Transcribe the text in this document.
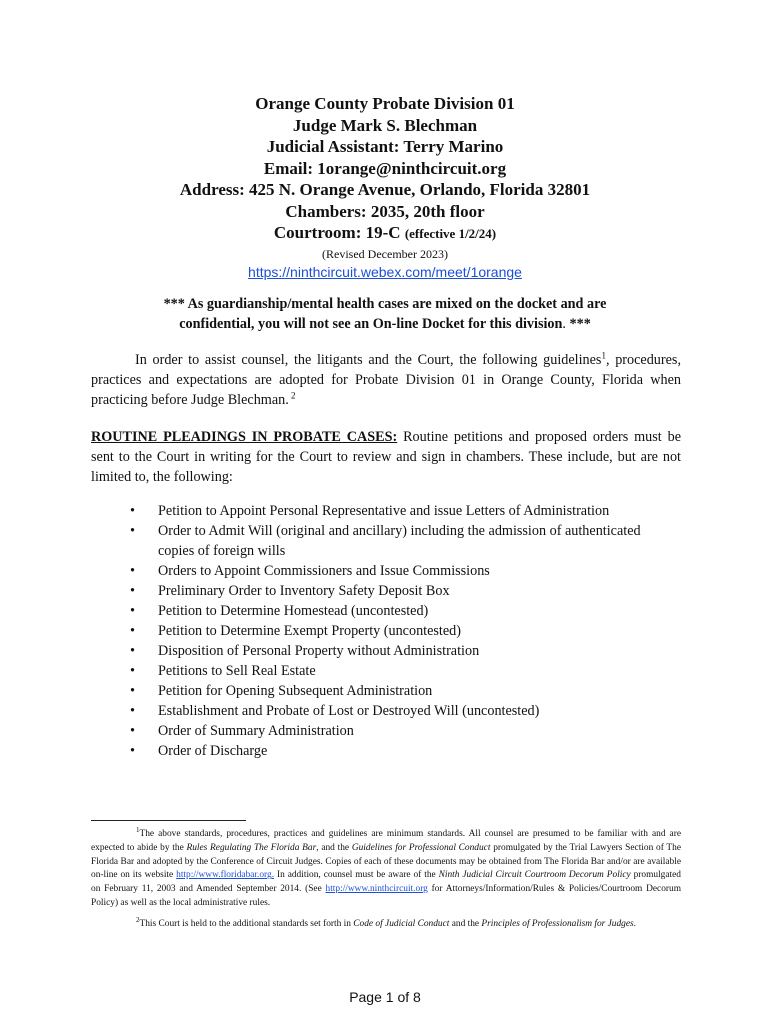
Orange County Probate Division 01
Judge Mark S. Blechman
Judicial Assistant: Terry Marino
Email: 1orange@ninthcircuit.org
Address: 425 N. Orange Avenue, Orlando, Florida 32801
Chambers: 2035, 20th floor
Courtroom: 19-C (effective 1/2/24)
(Revised December 2023)
https://ninthcircuit.webex.com/meet/1orange
*** As guardianship/mental health cases are mixed on the docket and are confidential, you will not see an On-line Docket for this division. ***
In order to assist counsel, the litigants and the Court, the following guidelines$^1$, procedures, practices and expectations are adopted for Probate Division 01 in Orange County, Florida when practicing before Judge Blechman. $^2$
ROUTINE PLEADINGS IN PROBATE CASES: Routine petitions and proposed orders must be sent to the Court in writing for the Court to review and sign in chambers. These include, but are not limited to, the following:
• Petition to Appoint Personal Representative and issue Letters of Administration
• Order to Admit Will (original and ancillary) including the admission of authenticated copies of foreign wills
• Orders to Appoint Commissioners and Issue Commissions
• Preliminary Order to Inventory Safety Deposit Box
• Petition to Determine Homestead (uncontested)
• Petition to Determine Exempt Property (uncontested)
• Disposition of Personal Property without Administration
• Petitions to Sell Real Estate
• Petition for Opening Subsequent Administration
• Establishment and Probate of Lost or Destroyed Will (uncontested)
• Order of Summary Administration
• Order of Discharge
$^1$The above standards, procedures, practices and guidelines are minimum standards. All counsel are presumed to be familiar with and are expected to abide by the Rules Regulating The Florida Bar, and the Guidelines for Professional Conduct promulgated by the Trial Lawyers Section of The Florida Bar and adopted by the Conference of Circuit Judges. Copies of each of these documents may be obtained from The Florida Bar and/or are available on-line on its website http://www.floridabar.org. In addition, counsel must be aware of the Ninth Judicial Circuit Courtroom Decorum Policy promulgated on February 11, 2003 and Amended September 2014. (See http://www.ninthcircuit.org for Attorneys/Information/Rules & Policies/Courtroom Decorum Policy) as well as the local administrative rules.
$^2$This Court is held to the additional standards set forth in Code of Judicial Conduct and the Principles of Professionalism for Judges.
Page 1 of 8
